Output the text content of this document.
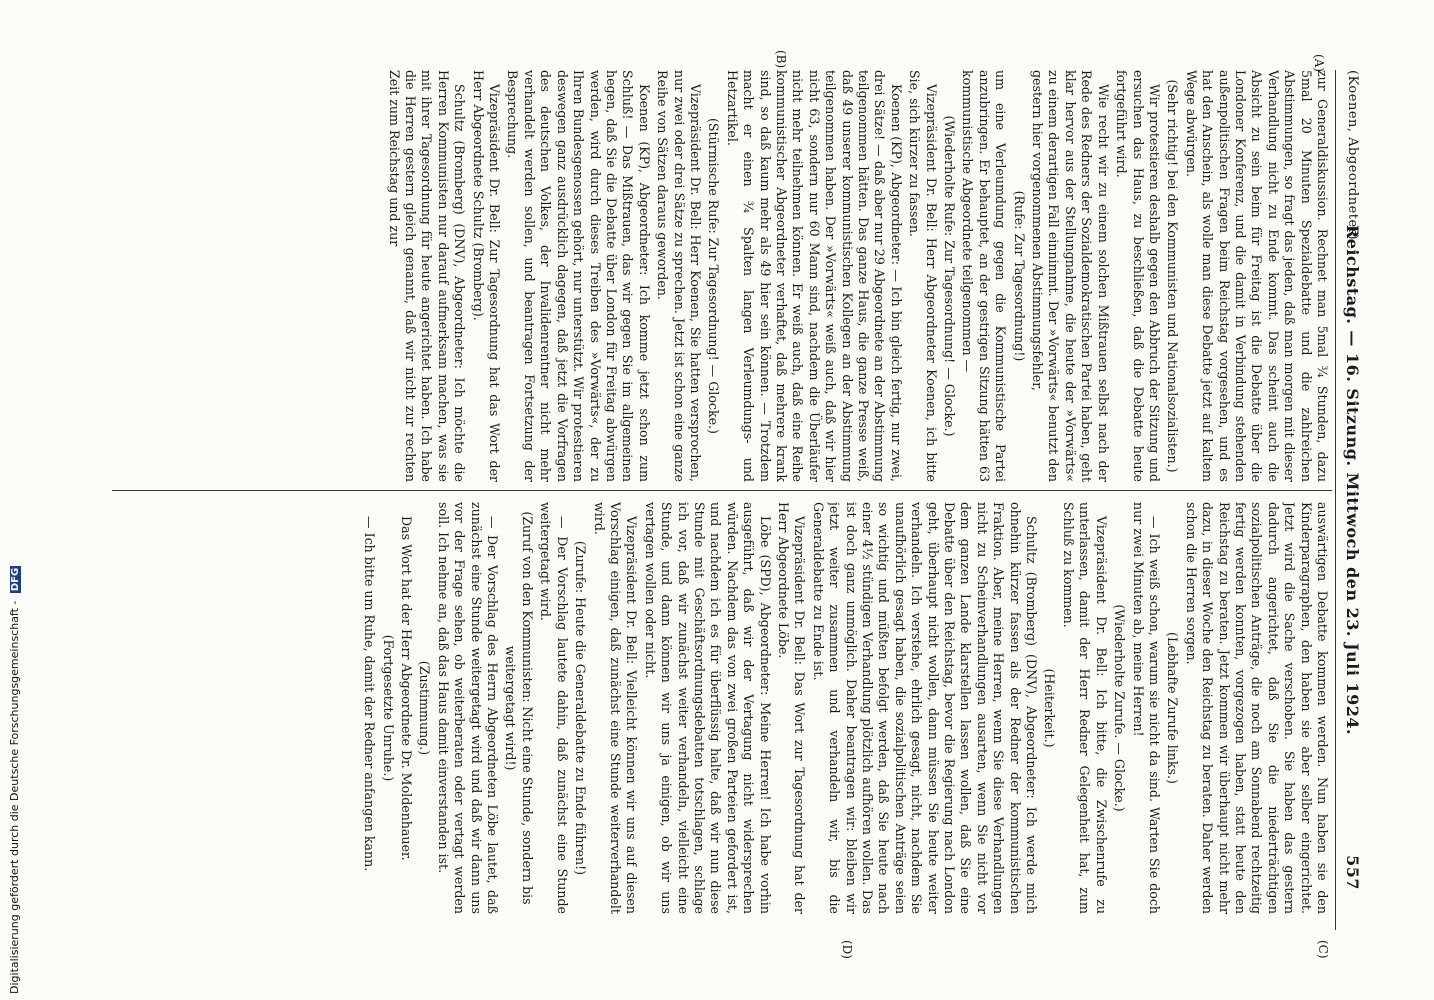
(Koenen, Abgeordneter)
Reichstag. — 16. Sitzung. Mittwoch den 23. Juli 1924.
557
(A)
(B)
(C)
(D)

zur Generaldiskussion. Rechnet man 5mal ¾ Stunden, dazu 5mal 20 Minuten Spezialdebatte und die zahlreichen Abstimmungen, so fragt das jeden, daß man morgen mit dieser Verhandlung nicht zu Ende kommt. Das scheint auch die Absicht zu sein beim für Freitag ist die Debatte über die Londoner Konferenz, und die damit in Verbindung stehenden außenpolitischen Fragen beim Reichstag vorgesehen, und es hat den Anschein, als wolle man diese Debatte jetzt auf kaltem Wege abwürgen.

(Sehr richtig! bei den Kommunisten und Nationalsozialisten.)

Wir protestieren deshalb gegen den Abbruch der Sitzung und ersuchen das Haus, zu beschließen, daß die Debatte heute fortgeführt wird.

Wie recht wir zu einem solchen Mißtrauen selbst nach der Rede des Redners der Sozialdemokratischen Partei haben, geht klar hervor aus der Stellungnahme, die heute der »Vorwärts« zu einem derartigen Fall einnimmt. Der »Vorwärts« benutzt den gestern hier vorgenommenen Abstimmungsfehler,

(Rufe: Zur Tagesordnung!)

um eine Verleumdung gegen die Kommunistische Partei anzubringen. Er behauptet, an der gestrigen Sitzung hätten 63 kommunistische Abgeordnete teilgenommen —

(Wiederholte Rufe: Zur Tagesordnung! — Glocke.)

Vizepräsident Dr. Bell: Herr Abgeordneter Koenen, ich bitte Sie, sich kürzer zu fassen.

Koenen (KP), Abgeordneter: — Ich bin gleich fertig, nur zwei, drei Sätze! — daß aber nur 29 Abgeordnete an der Abstimmung teilgenommen hätten. Das ganze Haus, die ganze Presse weiß, daß 49 unserer kommunistischen Kollegen an der Abstimmung teilgenommen haben. Der »Vorwärts« weiß auch, daß wir hier nicht 63, sondern nur 60 Mann sind, nachdem die Überläufer nicht mehr teilnehmen können. Er weiß auch, daß eine Reihe kommunistischer Abgeordneter verhaftet, daß mehrere krank sind, so daß kaum mehr als 49 hier sein können. — Trotzdem macht er einen ¾ Spalten langen Verleumdungs- und Hetzartikel.

(Stürmische Rufe: Zur Tagesordnung! — Glocke.)

Vizepräsident Dr. Bell: Herr Koenen, Sie hatten versprochen, nur zwei oder drei Sätze zu sprechen. Jetzt ist schon eine ganze Reihe von Sätzen daraus geworden.

Koenen (KP), Abgeordneter: Ich komme jetzt schon zum Schluß! — Das Mißtrauen, das wir gegen Sie im allgemeinen hegen, daß Sie die Debatte über London für Freitag abwürgen werden, wird durch dieses Treiben des »Vorwärts«, der zu Ihren Bundesgenossen gehört, nur unterstützt. Wir protestieren deswegen ganz ausdrücklich dagegen, daß jetzt die Vorfragen des deutschen Volkes, der Invalidenrentner nicht mehr verhandelt werden sollen, und beantragen Fortsetzung der Besprechung.

Vizepräsident Dr. Bell: Zur Tagesordnung hat das Wort der Herr Abgeordnete Schultz (Bromberg).

Schultz (Bromberg) (DNV), Abgeordneter: Ich möchte die Herren Kommunisten nur darauf aufmerksam machen, was sie mit ihrer Tagesordnung für heute angerichtet haben. Ich habe die Herren gestern gleich genannt, daß wir nicht zur rechten Zeit zum Reichstag und zur

auswärtigen Debatte kommen werden. Nun haben sie den Kinderparagraphen, den haben sie aber selber eingerichtet. Jetzt wird die Sache verschoben. Sie haben das gestern dadurch angerichtet, daß Sie die niederträchtigen sozialpolitischen Anträge, die noch am Sonnabend rechtzeitig fertig werden konnten, vorgezogen haben, statt heute den Reichstag zu beraten. Jetzt kommen wir überhaupt nicht mehr dazu, in dieser Woche den Reichstag zu beraten. Daher werden schon die Herren sorgen.

(Lebhafte Zurufe links.)

— Ich weiß schon, warum sie nicht da sind. Warten Sie doch nur zwei Minuten ab, meine Herren!

(Wiederholte Zurufe. — Glocke.)

Vizepräsident Dr. Bell: Ich bitte, die Zwischenrufe zu unterlassen, damit der Herr Redner Gelegenheit hat, zum Schluß zu kommen.

(Heiterkeit.)

Schultz (Bromberg) (DNV), Abgeordneter: Ich werde mich ohnehin kürzer fassen als der Redner der kommunistischen Fraktion. Aber, meine Herren, wenn Sie diese Verhandlungen nicht zu Scheinverhandlungen ausarten, wenn Sie nicht vor dem ganzen Lande klarstellen lassen wollen, daß Sie eine Debatte über den Reichstag, bevor die Regierung nach London geht, überhaupt nicht wollen, dann müssen Sie heute weiter verhandeln. Ich verstehe, ehrlich gesagt, nicht, nachdem Sie unaufhörlich gesagt haben, die sozialpolitischen Anträge seien so wichtig und müßten befolgt werden, daß Sie heute nach einer 4½ stündigen Verhandlung plötzlich aufhören wollen. Das ist doch ganz unmöglich. Daher beantragen wir: bleiben wir jetzt weiter zusammen und verhandeln wir, bis die Generaldebatte zu Ende ist.

Vizepräsident Dr. Bell: Das Wort zur Tagesordnung hat der Herr Abgeordnete Löbe.

Löbe (SPD), Abgeordneter: Meine Herren! Ich habe vorhin ausgeführt, daß wir der Vertagung nicht widersprechen würden. Nachdem das von zwei großen Parteien gefordert ist, und nachdem ich es für überflüssig halte, daß wir nun diese Stunde mit Geschäftsordnungsdebatten totschlagen, schlage ich vor, daß wir zunächst weiter verhandeln, vielleicht eine Stunde, und dann können wir uns ja einigen, ob wir uns vertagen wollen oder nicht.

Vizepräsident Dr. Bell: Vielleicht können wir uns auf diesen Vorschlag einigen, daß zunächst eine Stunde weiterverhandelt wird.

(Zurufe: Heute die Generaldebatte zu Ende führen!)

— Der Vorschlag lautete dahin, daß zunächst eine Stunde weitergetagt wird.

(Zuruf von den Kommunisten: Nicht eine Stunde, sondern bis weitergetagt wird!)

— Der Vorschlag des Herrn Abgeordneten Löbe lautet, daß zunächst eine Stunde weitergetagt wird und daß wir dann uns vor der Frage sehen, ob weiterberaten oder vertagt werden soll. Ich nehme an, daß das Haus damit einverstanden ist.

(Zustimmung.)

Das Wort hat der Herr Abgeordnete Dr. Moldenhauer.

(Fortgesetzte Unruhe.)

— Ich bitte um Ruhe, damit der Redner anfangen kann.

Digitalisierung gefördert durch die Deutsche Forschungsgemeinschaft - DFG
